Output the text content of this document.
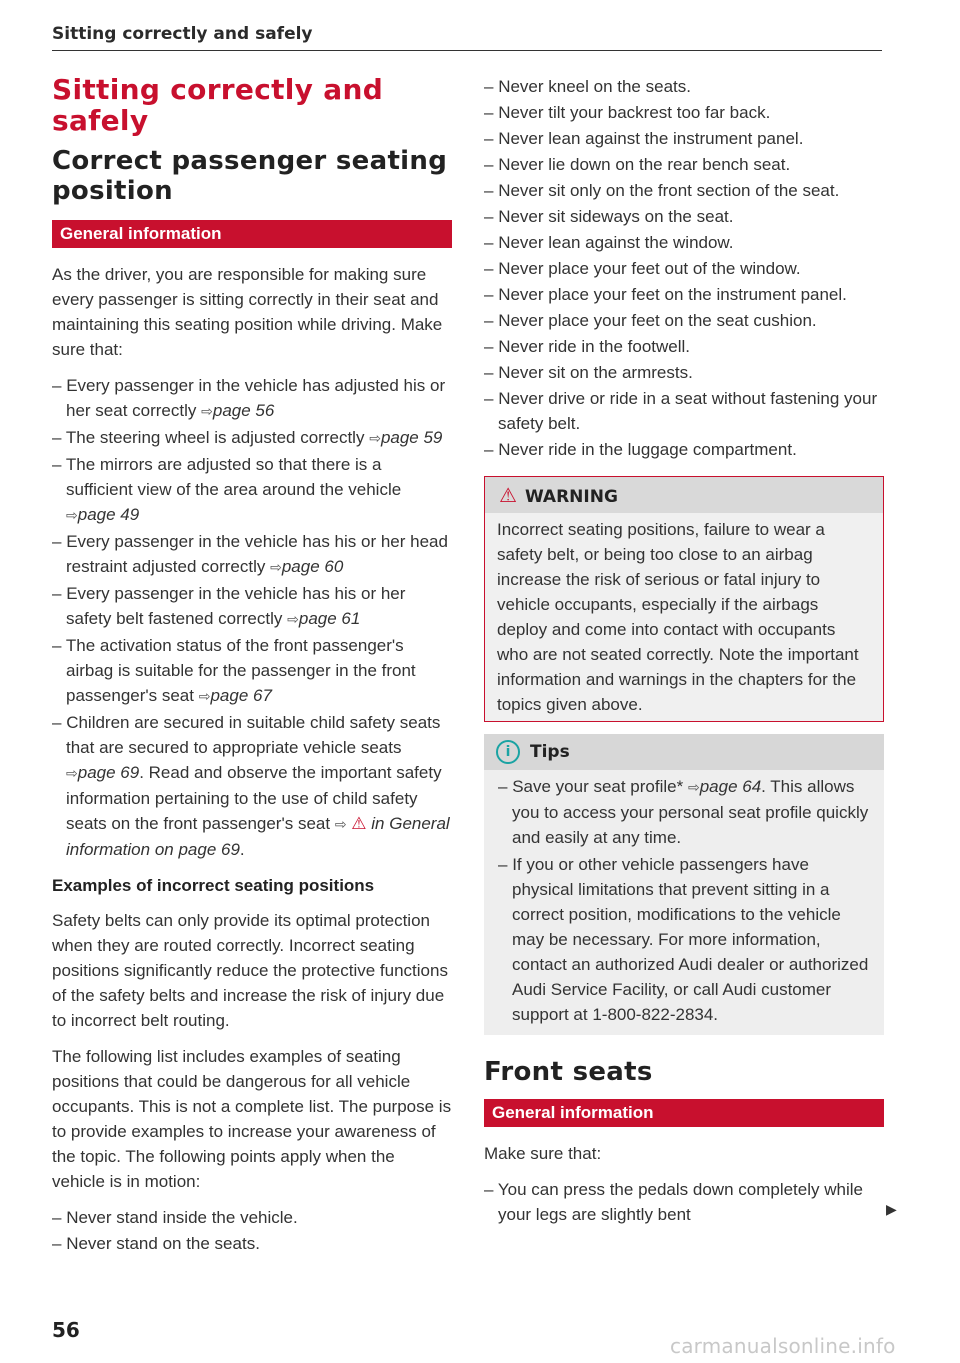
Sitting correctly and safely
Sitting correctly and safely
Correct passenger seating position
General information

As the driver, you are responsible for making sure every passenger is sitting correctly in their seat and maintaining this seating position while driving. Make sure that:

– Every passenger in the vehicle has adjusted his or her seat correctly ⇨page 56
– The steering wheel is adjusted correctly ⇨page 59
– The mirrors are adjusted so that there is a sufficient view of the area around the vehicle ⇨page 49
– Every passenger in the vehicle has his or her head restraint adjusted correctly ⇨page 60
– Every passenger in the vehicle has his or her safety belt fastened correctly ⇨page 61
– The activation status of the front passenger's airbag is suitable for the passenger in the front passenger's seat ⇨page 67
– Children are secured in suitable child safety seats that are secured to appropriate vehicle seats ⇨page 69. Read and observe the important safety information pertaining to the use of child safety seats on the front passenger's seat ⇨ ⚠ in General information on page 69.
Examples of incorrect seating positions

Safety belts can only provide its optimal protection when they are routed correctly. Incorrect seating positions significantly reduce the protective functions of the safety belts and increase the risk of injury due to incorrect belt routing.

The following list includes examples of seating positions that could be dangerous for all vehicle occupants. This is not a complete list. The purpose is to provide examples to increase your awareness of the topic. The following points apply when the vehicle is in motion:

– Never stand inside the vehicle.
– Never stand on the seats.
– Never kneel on the seats.
– Never tilt your backrest too far back.
– Never lean against the instrument panel.
– Never lie down on the rear bench seat.
– Never sit only on the front section of the seat.
– Never sit sideways on the seat.
– Never lean against the window.
– Never place your feet out of the window.
– Never place your feet on the instrument panel.
– Never place your feet on the seat cushion.
– Never ride in the footwell.
– Never sit on the armrests.
– Never drive or ride in a seat without fastening your safety belt.
– Never ride in the luggage compartment.
⚠ WARNING

Incorrect seating positions, failure to wear a safety belt, or being too close to an airbag increase the risk of serious or fatal injury to vehicle occupants, especially if the airbags deploy and come into contact with occupants who are not seated correctly. Note the important information and warnings in the chapters for the topics given above.

i Tips
– Save your seat profile* ⇨page 64. This allows you to access your personal seat profile quickly and easily at any time.
– If you or other vehicle passengers have physical limitations that prevent sitting in a correct position, modifications to the vehicle may be necessary. For more information, contact an authorized Audi dealer or authorized Audi Service Facility, or call Audi customer support at 1-800-822-2834.
Front seats
General information

Make sure that:

– You can press the pedals down completely while your legs are slightly bent	▶
56
carmanualsonline.info
